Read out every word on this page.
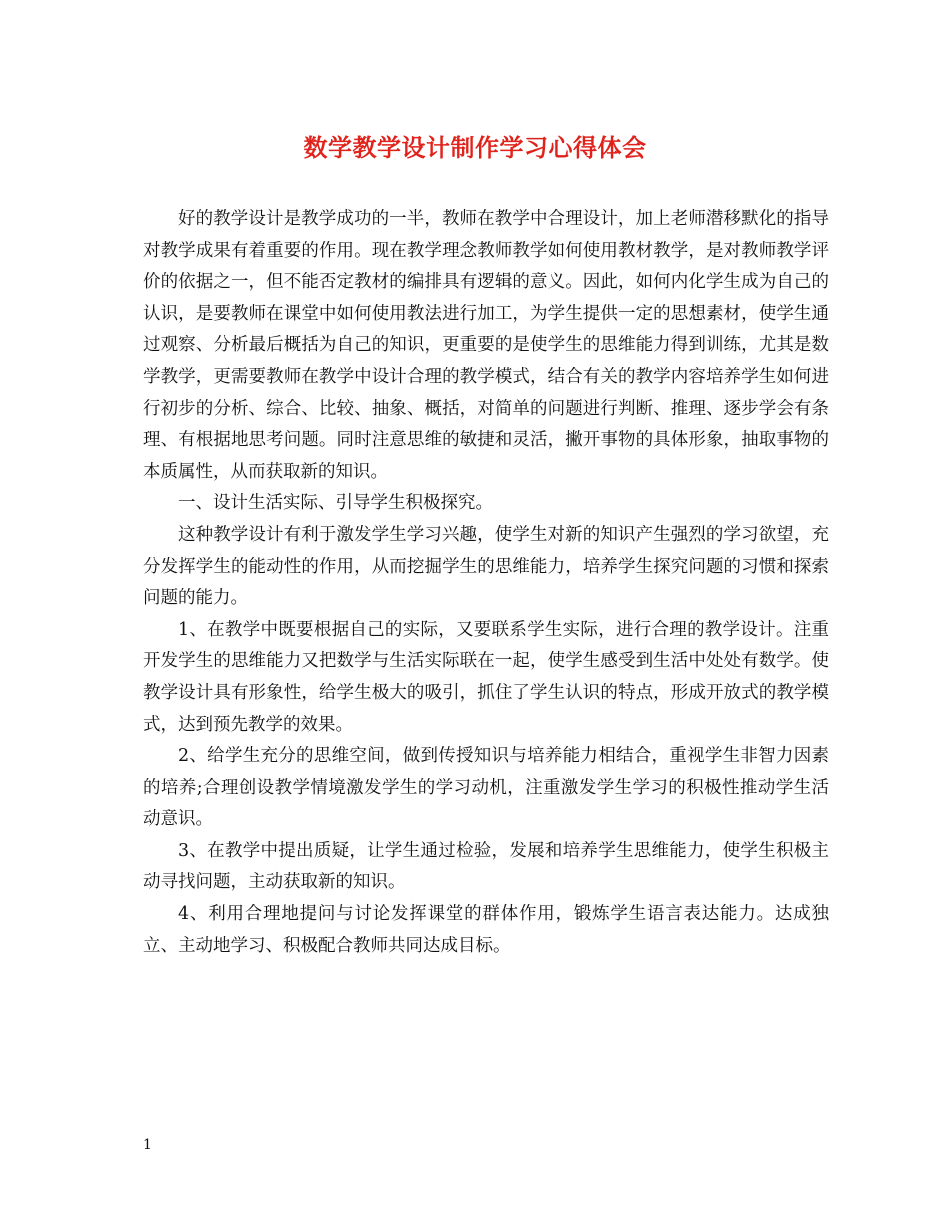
数学教学设计制作学习心得体会

好的教学设计是教学成功的一半，教师在教学中合理设计，加上老师潜移默化的指导对教学成果有着重要的作用。现在教学理念教师教学如何使用教材教学，是对教师教学评价的依据之一，但不能否定教材的编排具有逻辑的意义。因此，如何内化学生成为自己的认识，是要教师在课堂中如何使用教法进行加工，为学生提供一定的思想素材，使学生通过观察、分析最后概括为自己的知识，更重要的是使学生的思维能力得到训练，尤其是数学教学，更需要教师在教学中设计合理的教学模式，结合有关的教学内容培养学生如何进行初步的分析、综合、比较、抽象、概括，对简单的问题进行判断、推理、逐步学会有条理、有根据地思考问题。同时注意思维的敏捷和灵活，撇开事物的具体形象，抽取事物的本质属性，从而获取新的知识。

一、设计生活实际、引导学生积极探究。

这种教学设计有利于激发学生学习兴趣，使学生对新的知识产生强烈的学习欲望，充分发挥学生的能动性的作用，从而挖掘学生的思维能力，培养学生探究问题的习惯和探索问题的能力。

1、在教学中既要根据自己的实际，又要联系学生实际，进行合理的教学设计。注重开发学生的思维能力又把数学与生活实际联在一起，使学生感受到生活中处处有数学。使教学设计具有形象性，给学生极大的吸引，抓住了学生认识的特点，形成开放式的教学模式，达到预先教学的效果。

2、给学生充分的思维空间，做到传授知识与培养能力相结合，重视学生非智力因素的培养;合理创设教学情境激发学生的学习动机，注重激发学生学习的积极性推动学生活动意识。

3、在教学中提出质疑，让学生通过检验，发展和培养学生思维能力，使学生积极主动寻找问题，主动获取新的知识。

4、利用合理地提问与讨论发挥课堂的群体作用，锻炼学生语言表达能力。达成独立、主动地学习、积极配合教师共同达成目标。

1
